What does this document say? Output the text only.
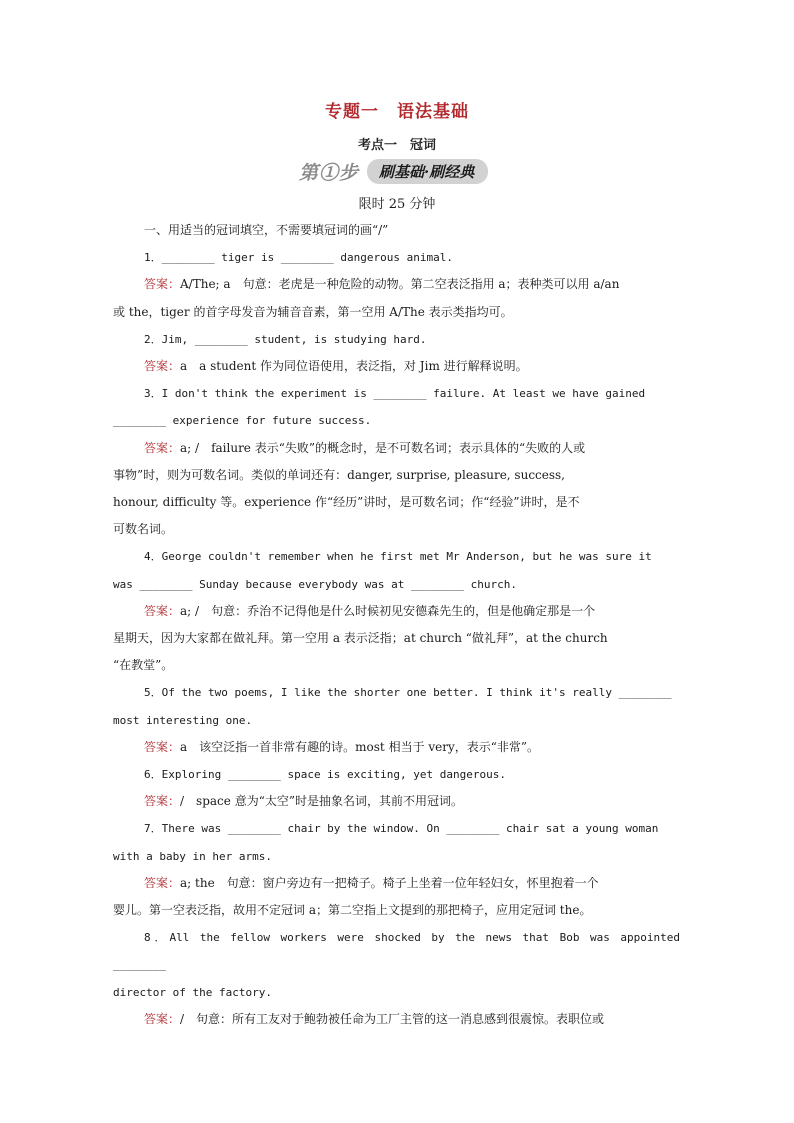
专题一　语法基础
考点一　冠词
第①步	刷基础·刷经典
限时 25 分钟

一、用适当的冠词填空，不需要填冠词的画“/”

1．________ tiger is ________ dangerous animal.

答案：A/The; a　句意：老虎是一种危险的动物。第二空表泛指用 a；表种类可以用 a/an

或 the，tiger 的首字母发音为辅音音素，第一空用 A/The 表示类指均可。

2．Jim, ________ student, is studying hard.

答案：a　a student 作为同位语使用，表泛指，对 Jim 进行解释说明。

3．I don't think the experiment is ________ failure. At least we have gained

________ experience for future success.

答案：a; /　failure 表示“失败”的概念时，是不可数名词；表示具体的“失败的人或

事物”时，则为可数名词。类似的单词还有：danger, surprise, pleasure, success,

honour, difficulty 等。experience 作“经历”讲时，是可数名词；作“经验”讲时，是不

可数名词。

4．George couldn't remember when he first met Mr Anderson, but he was sure it

was ________ Sunday because everybody was at ________ church.

答案：a; /　句意：乔治不记得他是什么时候初见安德森先生的，但是他确定那是一个

星期天，因为大家都在做礼拜。第一空用 a 表示泛指；at church “做礼拜”，at the church

“在教堂”。

5．Of the two poems, I like the shorter one better. I think it's really ________

most interesting one.

答案：a　该空泛指一首非常有趣的诗。most 相当于 very，表示“非常”。

6．Exploring ________ space is exciting, yet dangerous.

答案：/　space 意为“太空”时是抽象名词，其前不用冠词。

7．There was ________ chair by the window. On ________ chair sat a young woman

with a baby in her arms.

答案：a; the　句意：窗户旁边有一把椅子。椅子上坐着一位年轻妇女，怀里抱着一个

婴儿。第一空表泛指，故用不定冠词 a；第二空指上文提到的那把椅子，应用定冠词 the。

8．All the fellow workers were shocked by the news that Bob was appointed ________

director of the factory.

答案：/　句意：所有工友对于鲍勃被任命为工厂主管的这一消息感到很震惊。表职位或
